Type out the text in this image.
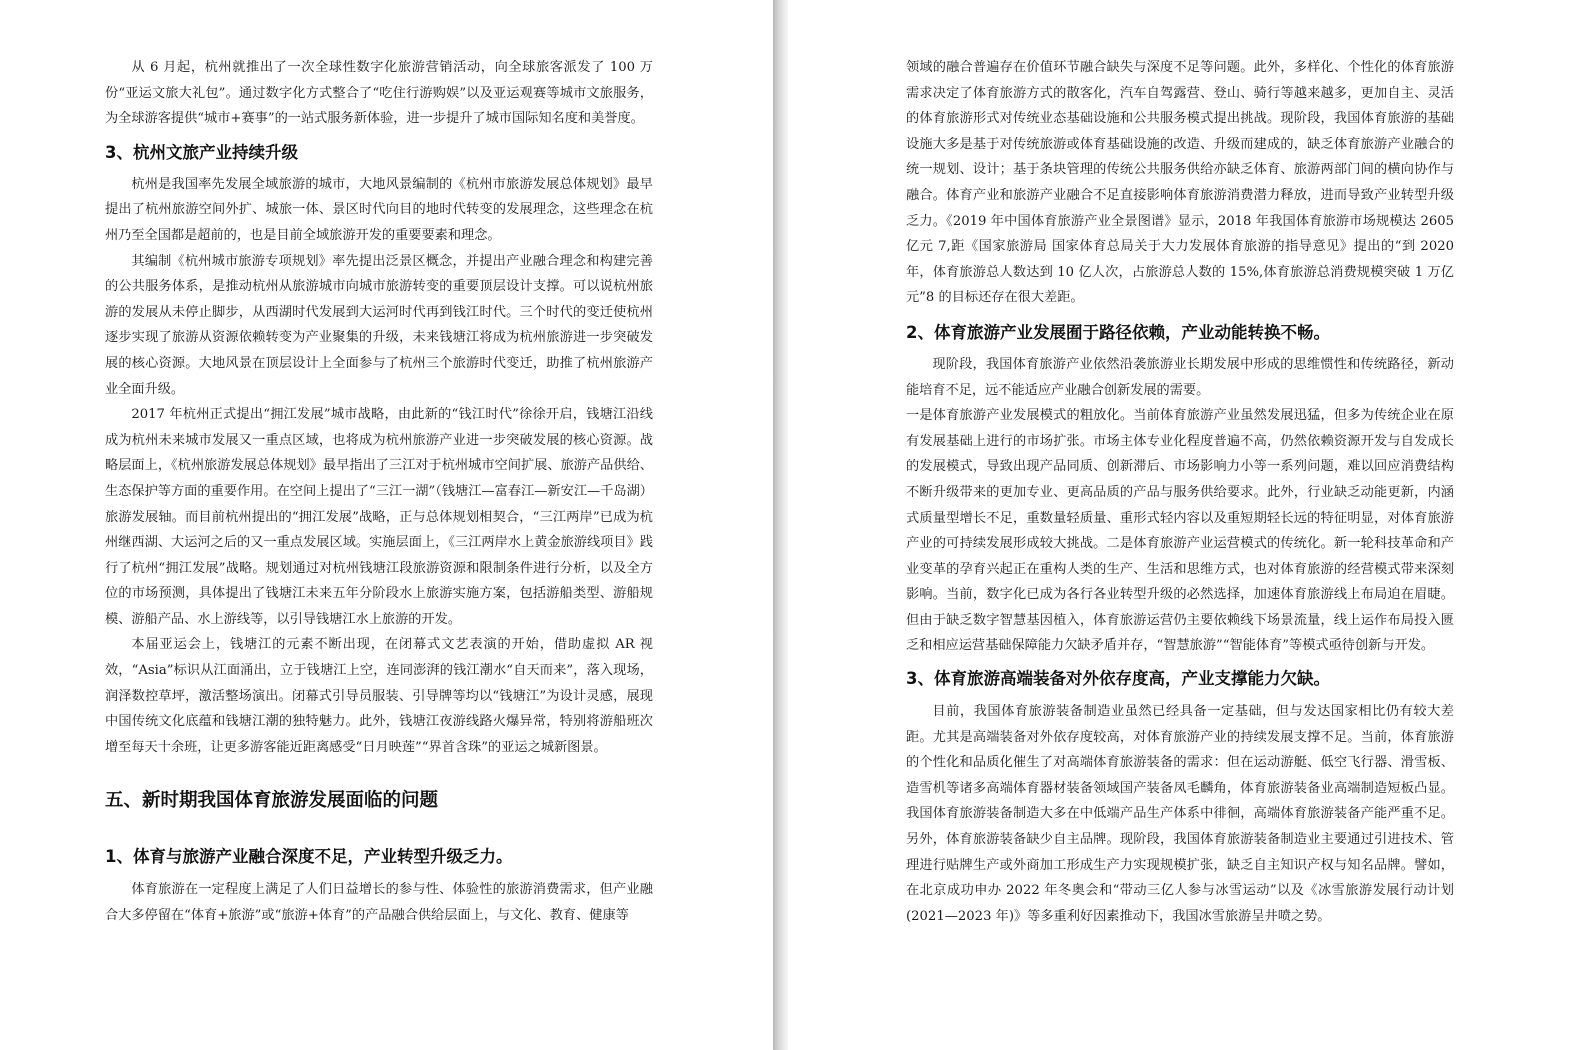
从 6 月起，杭州就推出了一次全球性数字化旅游营销活动，向全球旅客派发了 100 万份“亚运文旅大礼包”。通过数字化方式整合了“吃住行游购娱”以及亚运观赛等城市文旅服务，为全球游客提供“城市+赛事”的一站式服务新体验，进一步提升了城市国际知名度和美誉度。

3、杭州文旅产业持续升级

杭州是我国率先发展全域旅游的城市，大地风景编制的《杭州市旅游发展总体规划》最早提出了杭州旅游空间外扩、城旅一体、景区时代向目的地时代转变的发展理念，这些理念在杭州乃至全国都是超前的，也是目前全域旅游开发的重要要素和理念。

其编制《杭州城市旅游专项规划》率先提出泛景区概念，并提出产业融合理念和构建完善的公共服务体系，是推动杭州从旅游城市向城市旅游转变的重要顶层设计支撑。可以说杭州旅游的发展从未停止脚步，从西湖时代发展到大运河时代再到钱江时代。三个时代的变迁使杭州逐步实现了旅游从资源依赖转变为产业聚集的升级，未来钱塘江将成为杭州旅游进一步突破发展的核心资源。大地风景在顶层设计上全面参与了杭州三个旅游时代变迁，助推了杭州旅游产业全面升级。

2017 年杭州正式提出“拥江发展”城市战略，由此新的“钱江时代”徐徐开启，钱塘江沿线成为杭州未来城市发展又一重点区域，也将成为杭州旅游产业进一步突破发展的核心资源。战略层面上，《杭州旅游发展总体规划》最早指出了三江对于杭州城市空间扩展、旅游产品供给、生态保护等方面的重要作用。在空间上提出了“三江一湖”（钱塘江—富春江—新安江—千岛湖）旅游发展轴。而目前杭州提出的“拥江发展”战略，正与总体规划相契合，“三江两岸”已成为杭州继西湖、大运河之后的又一重点发展区域。实施层面上，《三江两岸水上黄金旅游线项目》践行了杭州“拥江发展”战略。规划通过对杭州钱塘江段旅游资源和限制条件进行分析，以及全方位的市场预测，具体提出了钱塘江未来五年分阶段水上旅游实施方案，包括游船类型、游船规模、游船产品、水上游线等，以引导钱塘江水上旅游的开发。

本届亚运会上，钱塘江的元素不断出现，在闭幕式文艺表演的开始，借助虚拟 AR 视效，“Asia”标识从江面涌出，立于钱塘江上空，连同澎湃的钱江潮水“自天而来”，落入现场，润泽数控草坪，激活整场演出。闭幕式引导员服装、引导牌等均以“钱塘江”为设计灵感，展现中国传统文化底蕴和钱塘江潮的独特魅力。此外，钱塘江夜游线路火爆异常，特别将游船班次增至每天十余班，让更多游客能近距离感受“日月映莲”“界首含珠”的亚运之城新图景。

五、新时期我国体育旅游发展面临的问题
1、体育与旅游产业融合深度不足，产业转型升级乏力。

体育旅游在一定程度上满足了人们日益增长的参与性、体验性的旅游消费需求，但产业融合大多停留在“体育+旅游”或“旅游+体育”的产品融合供给层面上，与文化、教育、健康等

领域的融合普遍存在价值环节融合缺失与深度不足等问题。此外，多样化、个性化的体育旅游需求决定了体育旅游方式的散客化，汽车自驾露营、登山、骑行等越来越多，更加自主、灵活的体育旅游形式对传统业态基础设施和公共服务模式提出挑战。现阶段，我国体育旅游的基础设施大多是基于对传统旅游或体育基础设施的改造、升级而建成的，缺乏体育旅游产业融合的统一规划、设计；基于条块管理的传统公共服务供给亦缺乏体育、旅游两部门间的横向协作与融合。体育产业和旅游产业融合不足直接影响体育旅游消费潜力释放，进而导致产业转型升级乏力。《2019 年中国体育旅游产业全景图谱》显示，2018 年我国体育旅游市场规模达 2605 亿元 7,距《国家旅游局 国家体育总局关于大力发展体育旅游的指导意见》提出的“到 2020 年，体育旅游总人数达到 10 亿人次，占旅游总人数的 15%,体育旅游总消费规模突破 1 万亿元”8 的目标还存在很大差距。

2、体育旅游产业发展囿于路径依赖，产业动能转换不畅。

现阶段，我国体育旅游产业依然沿袭旅游业长期发展中形成的思维惯性和传统路径，新动能培育不足，远不能适应产业融合创新发展的需要。

一是体育旅游产业发展模式的粗放化。当前体育旅游产业虽然发展迅猛，但多为传统企业在原有发展基础上进行的市场扩张。市场主体专业化程度普遍不高，仍然依赖资源开发与自发成长的发展模式，导致出现产品同质、创新滞后、市场影响力小等一系列问题，难以回应消费结构不断升级带来的更加专业、更高品质的产品与服务供给要求。此外，行业缺乏动能更新，内涵式质量型增长不足，重数量轻质量、重形式轻内容以及重短期轻长远的特征明显，对体育旅游产业的可持续发展形成较大挑战。二是体育旅游产业运营模式的传统化。新一轮科技革命和产业变革的孕育兴起正在重构人类的生产、生活和思维方式，也对体育旅游的经营模式带来深刻影响。当前，数字化已成为各行各业转型升级的必然选择，加速体育旅游线上布局迫在眉睫。但由于缺乏数字智慧基因植入，体育旅游运营仍主要依赖线下场景流量，线上运作布局投入匮乏和相应运营基础保障能力欠缺矛盾并存，“智慧旅游”“智能体育”等模式亟待创新与开发。

3、体育旅游高端装备对外依存度高，产业支撑能力欠缺。

目前，我国体育旅游装备制造业虽然已经具备一定基础，但与发达国家相比仍有较大差距。尤其是高端装备对外依存度较高，对体育旅游产业的持续发展支撑不足。当前，体育旅游的个性化和品质化催生了对高端体育旅游装备的需求：但在运动游艇、低空飞行器、滑雪板、造雪机等诸多高端体育器材装备领域国产装备凤毛麟角，体育旅游装备业高端制造短板凸显。我国体育旅游装备制造大多在中低端产品生产体系中徘徊，高端体育旅游装备产能严重不足。另外，体育旅游装备缺少自主品牌。现阶段，我国体育旅游装备制造业主要通过引进技术、管理进行贴牌生产或外商加工形成生产力实现规模扩张，缺乏自主知识产权与知名品牌。譬如，在北京成功申办 2022 年冬奥会和“带动三亿人参与冰雪运动”以及《冰雪旅游发展行动计划(2021—2023 年)》等多重利好因素推动下，我国冰雪旅游呈井喷之势。
